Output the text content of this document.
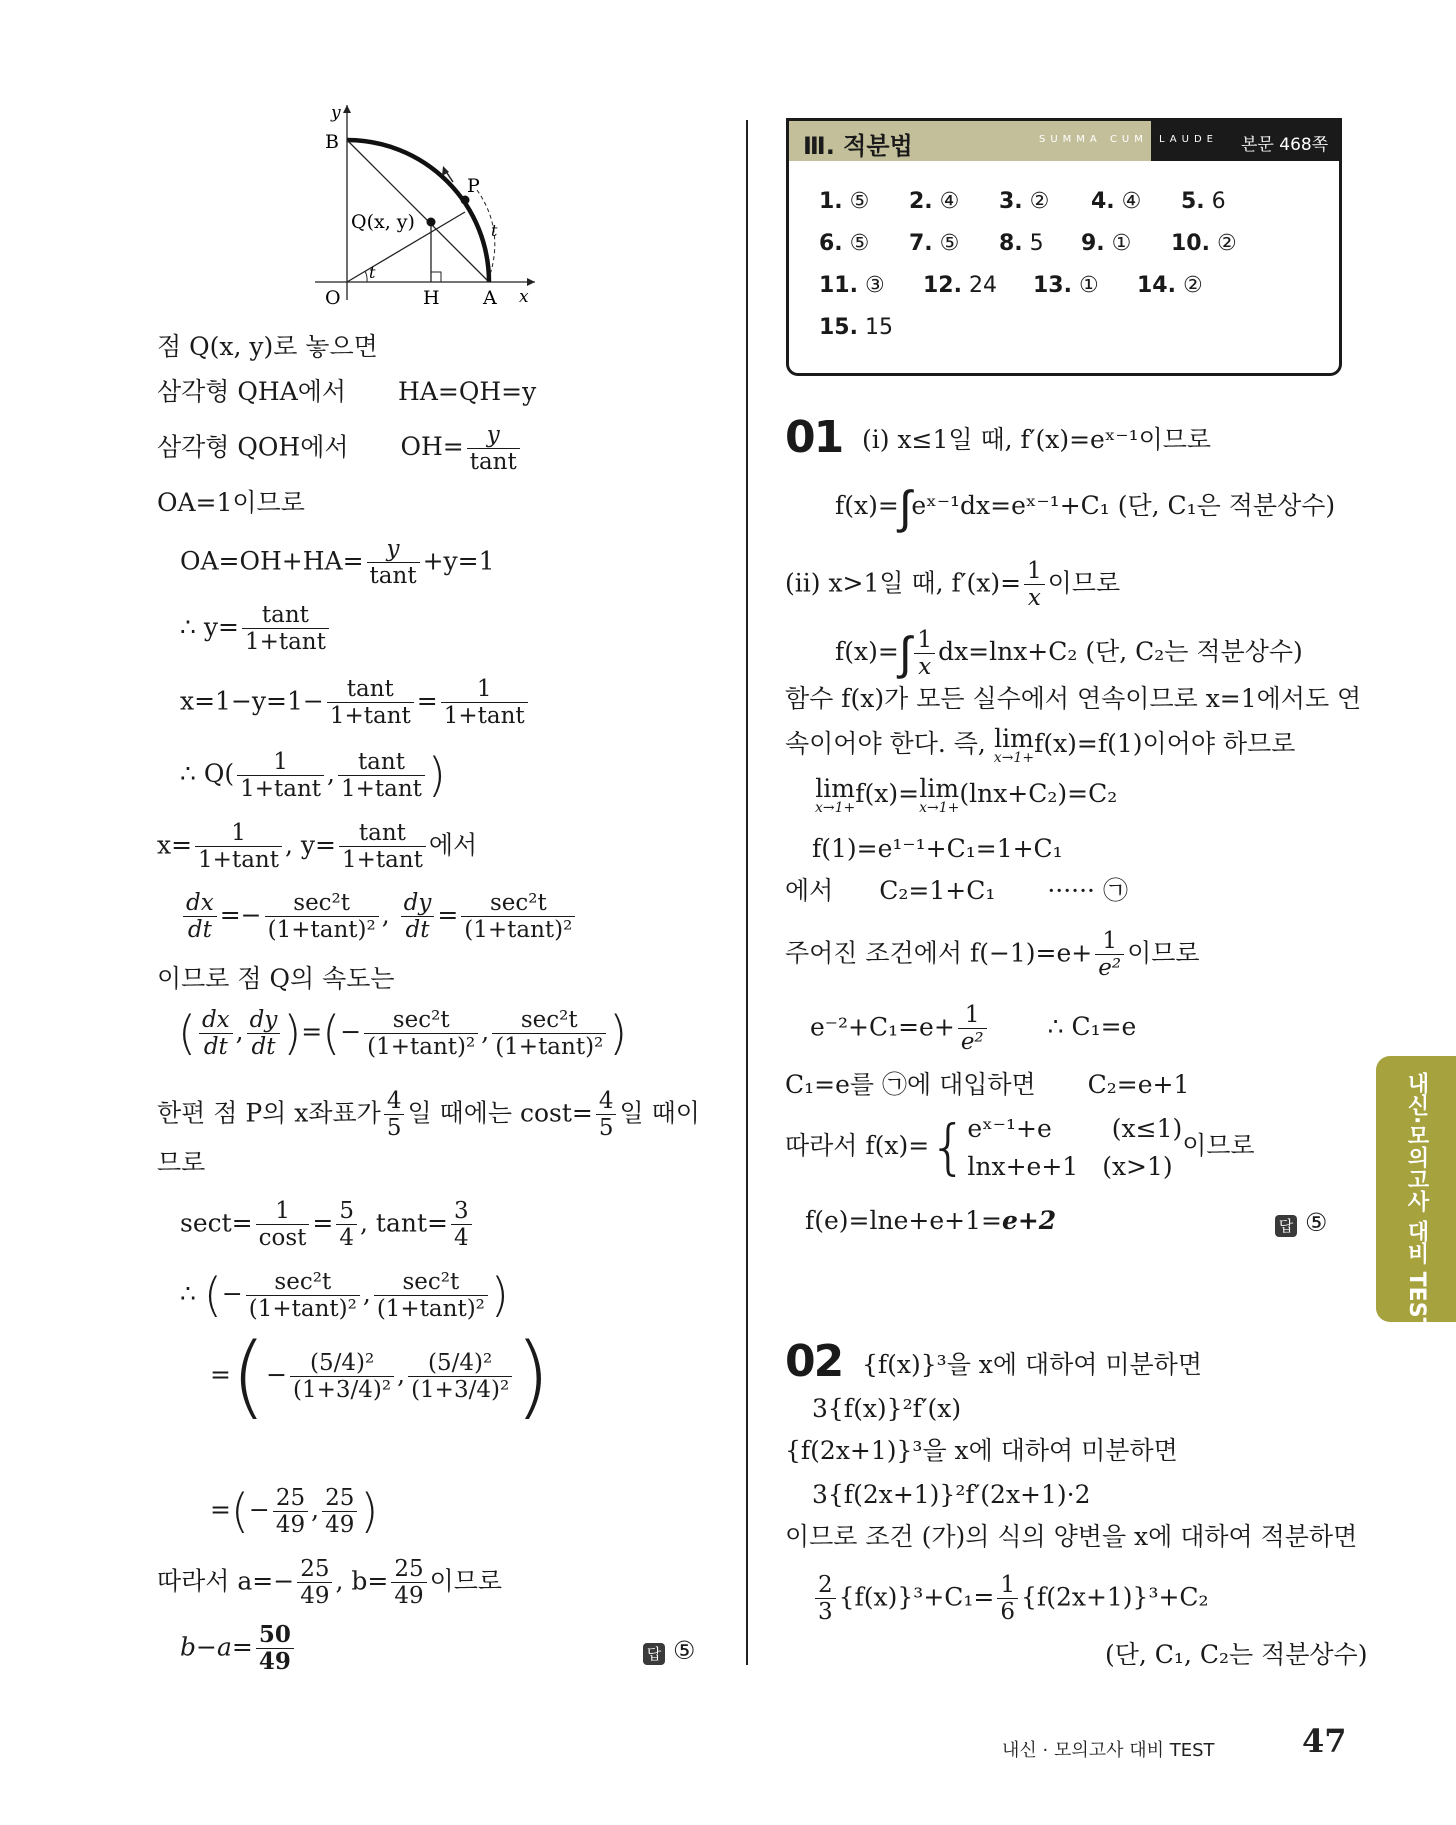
y
B
O	H A x
P
Q(x, y)
t
t
점 Q(x, y)로 놓으면
삼각형 QHA에서 HA=QH=y
삼각형 QOH에서 $OH= \frac{y}{\tan t}$
OA=1이므로
$OA=OH+HA= \frac{y}{\tan t} +y=1$
∴ $y= \frac{\tan t}{1+\tan t}$
$x=1-y=1- \frac{\tan t}{1+\tan t} = \frac{1}{1+\tan t}$
∴ $Q( \frac{1}{1+\tan t}$ , $\frac{\tan t}{1+\tan t}$ )
$x= \frac{1}{1+\tan t}$ , $y= \frac{\tan t}{1+\tan t}$ 에서
$\frac{dx}{dt} =- \frac{\text{sec²t}}{\text{(1+tant)²}}$ , $\frac{dy}{dt} = \frac{\text{sec²t}}{\text{(1+tant)²}}$
이므로 점 Q의 속도는
( $\frac{dx}{dt}$ , $\frac{dy}{dt}$ )=(− $\frac{\text{sec²t}}{\text{(1+tant)²}}$ , $\frac{\text{sec²t}}{\text{(1+tant)²}}$ )
한편 점 P의 x좌표가 $\frac{4}{5}$ 일 때에는 $\cos t= \frac{4}{5}$ 일 때이
므로
$\sec t= \frac{1}{\cos t} = \frac{5}{4}$ , $\tan t= \frac{3}{4}$
∴ (− $\frac{\text{sec²t}}{\text{(1+tant)²}}$ , $\frac{\text{sec²t}}{\text{(1+tant)²}}$ )
=(− $\frac{\text{(5/4)²}}{\text{(1+3/4)²}}$ , $\frac{\text{(5/4)²}}{\text{(1+3/4)²}}$ )
=(− $\frac{25}{49}$ , $\frac{25}{49}$ )
따라서 $a=- \frac{25}{49}$ , $b= \frac{25}{49}$ 이므로
$b-a= \frac{50}{49}$	답 ⑤
Ⅲ. 적분법	SUMMA CUM LAUDE 본문 468쪽
1. ⑤ 2. ④ 3. ② 4. ④ 5. 6
6. ⑤ 7. ⑤ 8. 5 9. ① 10. ②
11. ③ 12. 24 13. ① 14. ②
15. 15
01 (i) x≤1일 때, f′(x)=eˣ⁻¹이므로
f(x)=∫eˣ⁻¹dx=eˣ⁻¹+C₁ (단, C₁은 적분상수)
(ii) x>1일 때, $f'(x)= \frac{1}{x}$ 이므로
$f(x)=\int \frac{1}{x} dx=\ln x+C_2$ (단, C₂는 적분상수)
함수 f(x)가 모든 실수에서 연속이므로 x=1에서도 연
속이어야 한다. 즉, lim
x→1+ f(x)=f(1)이어야 하므로
lim
x→1+ f(x)= lim
x→1+ (lnx+C₂)=C₂
f(1)=e¹⁻¹+C₁=1+C₁
에서 C₂=1+C₁ ······ ㉠
주어진 조건에서 $f(-1)=e+ \frac{1}{\text{e²}}$ 이므로
$e^{-2}+C_1=e+ \frac{1}{\text{e²}}$ ∴ C₁=e
C₁=e를 ㉠에 대입하면 C₂=e+1
따라서 f(x)={ eˣ⁻¹+e (x≤1)
lnx+e+1 (x>1)
이므로
f(e)=lne+e+1=e+2	답 ⑤
02 {f(x)}³을 x에 대하여 미분하면
3{f(x)}²f′(x)
{f(2x+1)}³을 x에 대하여 미분하면
3{f(2x+1)}²f′(2x+1)·2
이므로 조건 (가)의 식의 양변을 x에 대하여 적분하면
$\frac{2}{3} \{f(x)\}^3+C_1= \frac{1}{6} \{f(2x+1)\}^3+C_2$
(단, C₁, C₂는 적분상수)
내신·모의고사 대비 TEST
내신 · 모의고사 대비 TEST	47
